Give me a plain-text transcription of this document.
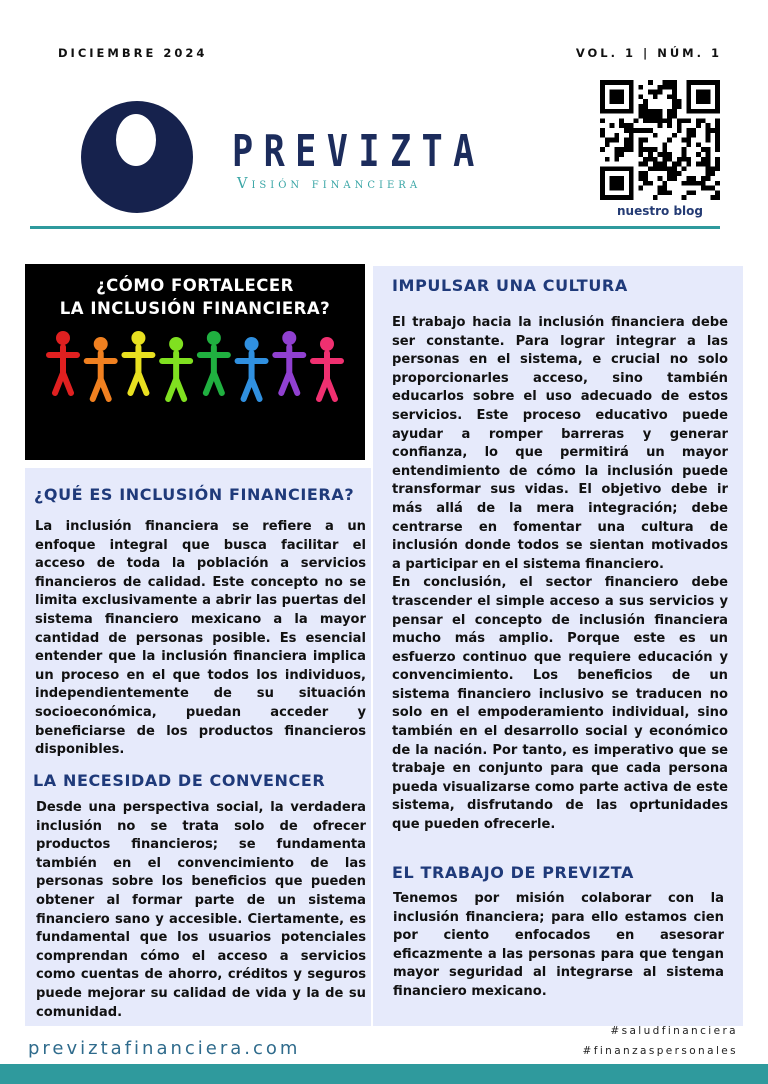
DICIEMBRE 2024	VOL. 1 | NÚM. 1
PREVIZTA
Visión financiera
nuestro blog
¿CÓMO FORTALECER
LA INCLUSIÓN FINANCIERA?
¿QUÉ ES INCLUSIÓN FINANCIERA?

La inclusión financiera se refiere a un enfoque integral que busca facilitar el acceso de toda la población a servicios financieros de calidad. Este concepto no se limita exclusivamente a abrir las puertas del sistema financiero mexicano a la mayor cantidad de personas posible. Es esencial entender que la inclusión financiera implica un proceso en el que todos los individuos, independientemente de su situación socioeconómica, puedan acceder y beneficiarse de los productos financieros disponibles.

LA NECESIDAD DE CONVENCER

Desde una perspectiva social, la verdadera inclusión no se trata solo de ofrecer productos financieros; se fundamenta también en el convencimiento de las personas sobre los beneficios que pueden obtener al formar parte de un sistema financiero sano y accesible. Ciertamente, es fundamental que los usuarios potenciales comprendan cómo el acceso a servicios como cuentas de ahorro, créditos y seguros puede mejorar su calidad de vida y la de su comunidad.

IMPULSAR UNA CULTURA

El trabajo hacia la inclusión financiera debe ser constante. Para lograr integrar a las personas en el sistema, e crucial no solo proporcionarles acceso, sino también educarlos sobre el uso adecuado de estos servicios. Este proceso educativo puede ayudar a romper barreras y generar confianza, lo que permitirá un mayor entendimiento de cómo la inclusión puede transformar sus vidas. El objetivo debe ir más allá de la mera integración; debe centrarse en fomentar una cultura de inclusión donde todos se sientan motivados a participar en el sistema financiero.

En conclusión, el sector financiero debe trascender el simple acceso a sus servicios y pensar el concepto de inclusión financiera mucho más amplio. Porque este es un esfuerzo continuo que requiere educación y convencimiento. Los beneficios de un sistema financiero inclusivo se traducen no solo en el empoderamiento individual, sino también en el desarrollo social y económico de la nación. Por tanto, es imperativo que se trabaje en conjunto para que cada persona pueda visualizarse como parte activa de este sistema, disfrutando de las oprtunidades que pueden ofrecerle.

EL TRABAJO DE PREVIZTA

Tenemos por misión colaborar con la inclusión financiera; para ello estamos cien por ciento enfocados en asesorar eficazmente a las personas para que tengan mayor seguridad al integrarse al sistema financiero mexicano.

previztafinanciera.com
#saludfinanciera
#finanzaspersonales
